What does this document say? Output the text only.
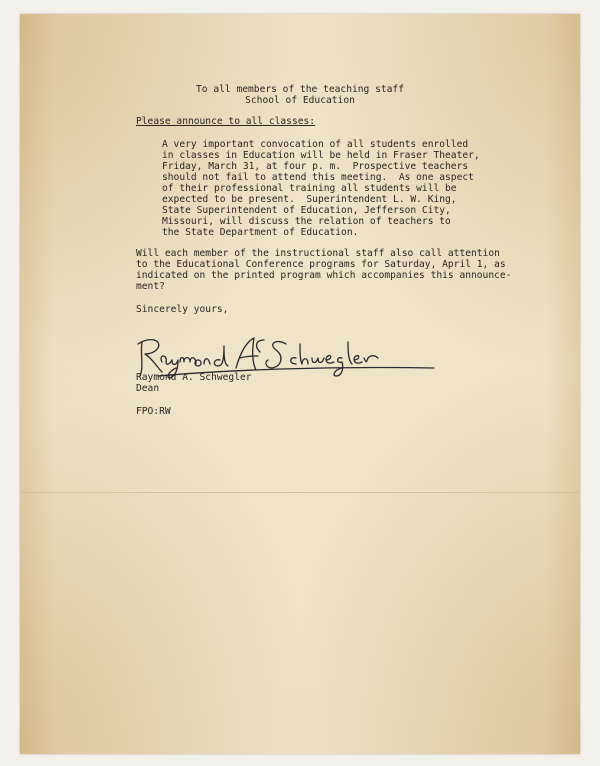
To all members of the teaching staff
School of Education
Please announce to all classes:
A very important convocation of all students enrolled
in classes in Education will be held in Fraser Theater,
Friday, March 31, at four p. m.  Prospective teachers
should not fail to attend this meeting.  As one aspect
of their professional training all students will be
expected to be present.  Superintendent L. W. King,
State Superintendent of Education, Jefferson City,
Missouri, will discuss the relation of teachers to
the State Department of Education.
Will each member of the instructional staff also call attention
to the Educational Conference programs for Saturday, April 1, as
indicated on the printed program which accompanies this announce-
ment?
Sincerely yours,
Raymond A. Schwegler
Dean
FPO:RW
